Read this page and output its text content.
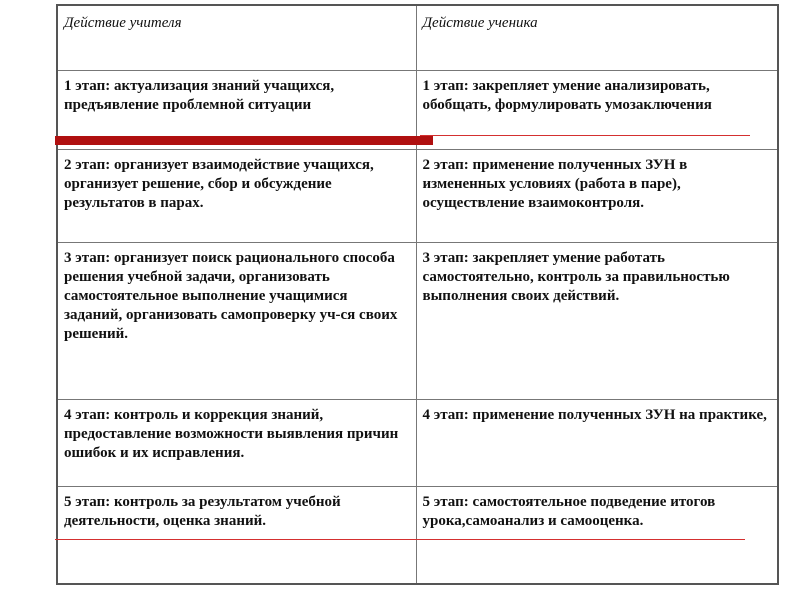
Действие учителя	Действие ученика
1 этап: актуализация знаний учащихся, предъявление проблемной ситуации	1 этап: закрепляет умение анализировать, обобщать, формулировать умозаключения
2 этап: организует взаимодействие учащихся, организует решение, сбор и обсуждение результатов в парах.	2 этап: применение полученных ЗУН в измененных условиях (работа в паре), осуществление взаимоконтроля.
3 этап: организует поиск рационального способа решения учебной задачи, организовать самостоятельное выполнение учащимися заданий, организовать самопроверку уч-ся своих решений.	3 этап: закрепляет умение работать самостоятельно, контроль за правильностью выполнения своих действий.
4 этап: контроль и коррекция знаний, предоставление возможности выявления причин ошибок и их исправления.	4 этап: применение полученных ЗУН на практике,
5 этап: контроль за результатом учебной деятельности, оценка знаний.	5 этап: самостоятельное подведение итогов урока,самоанализ и самооценка.
